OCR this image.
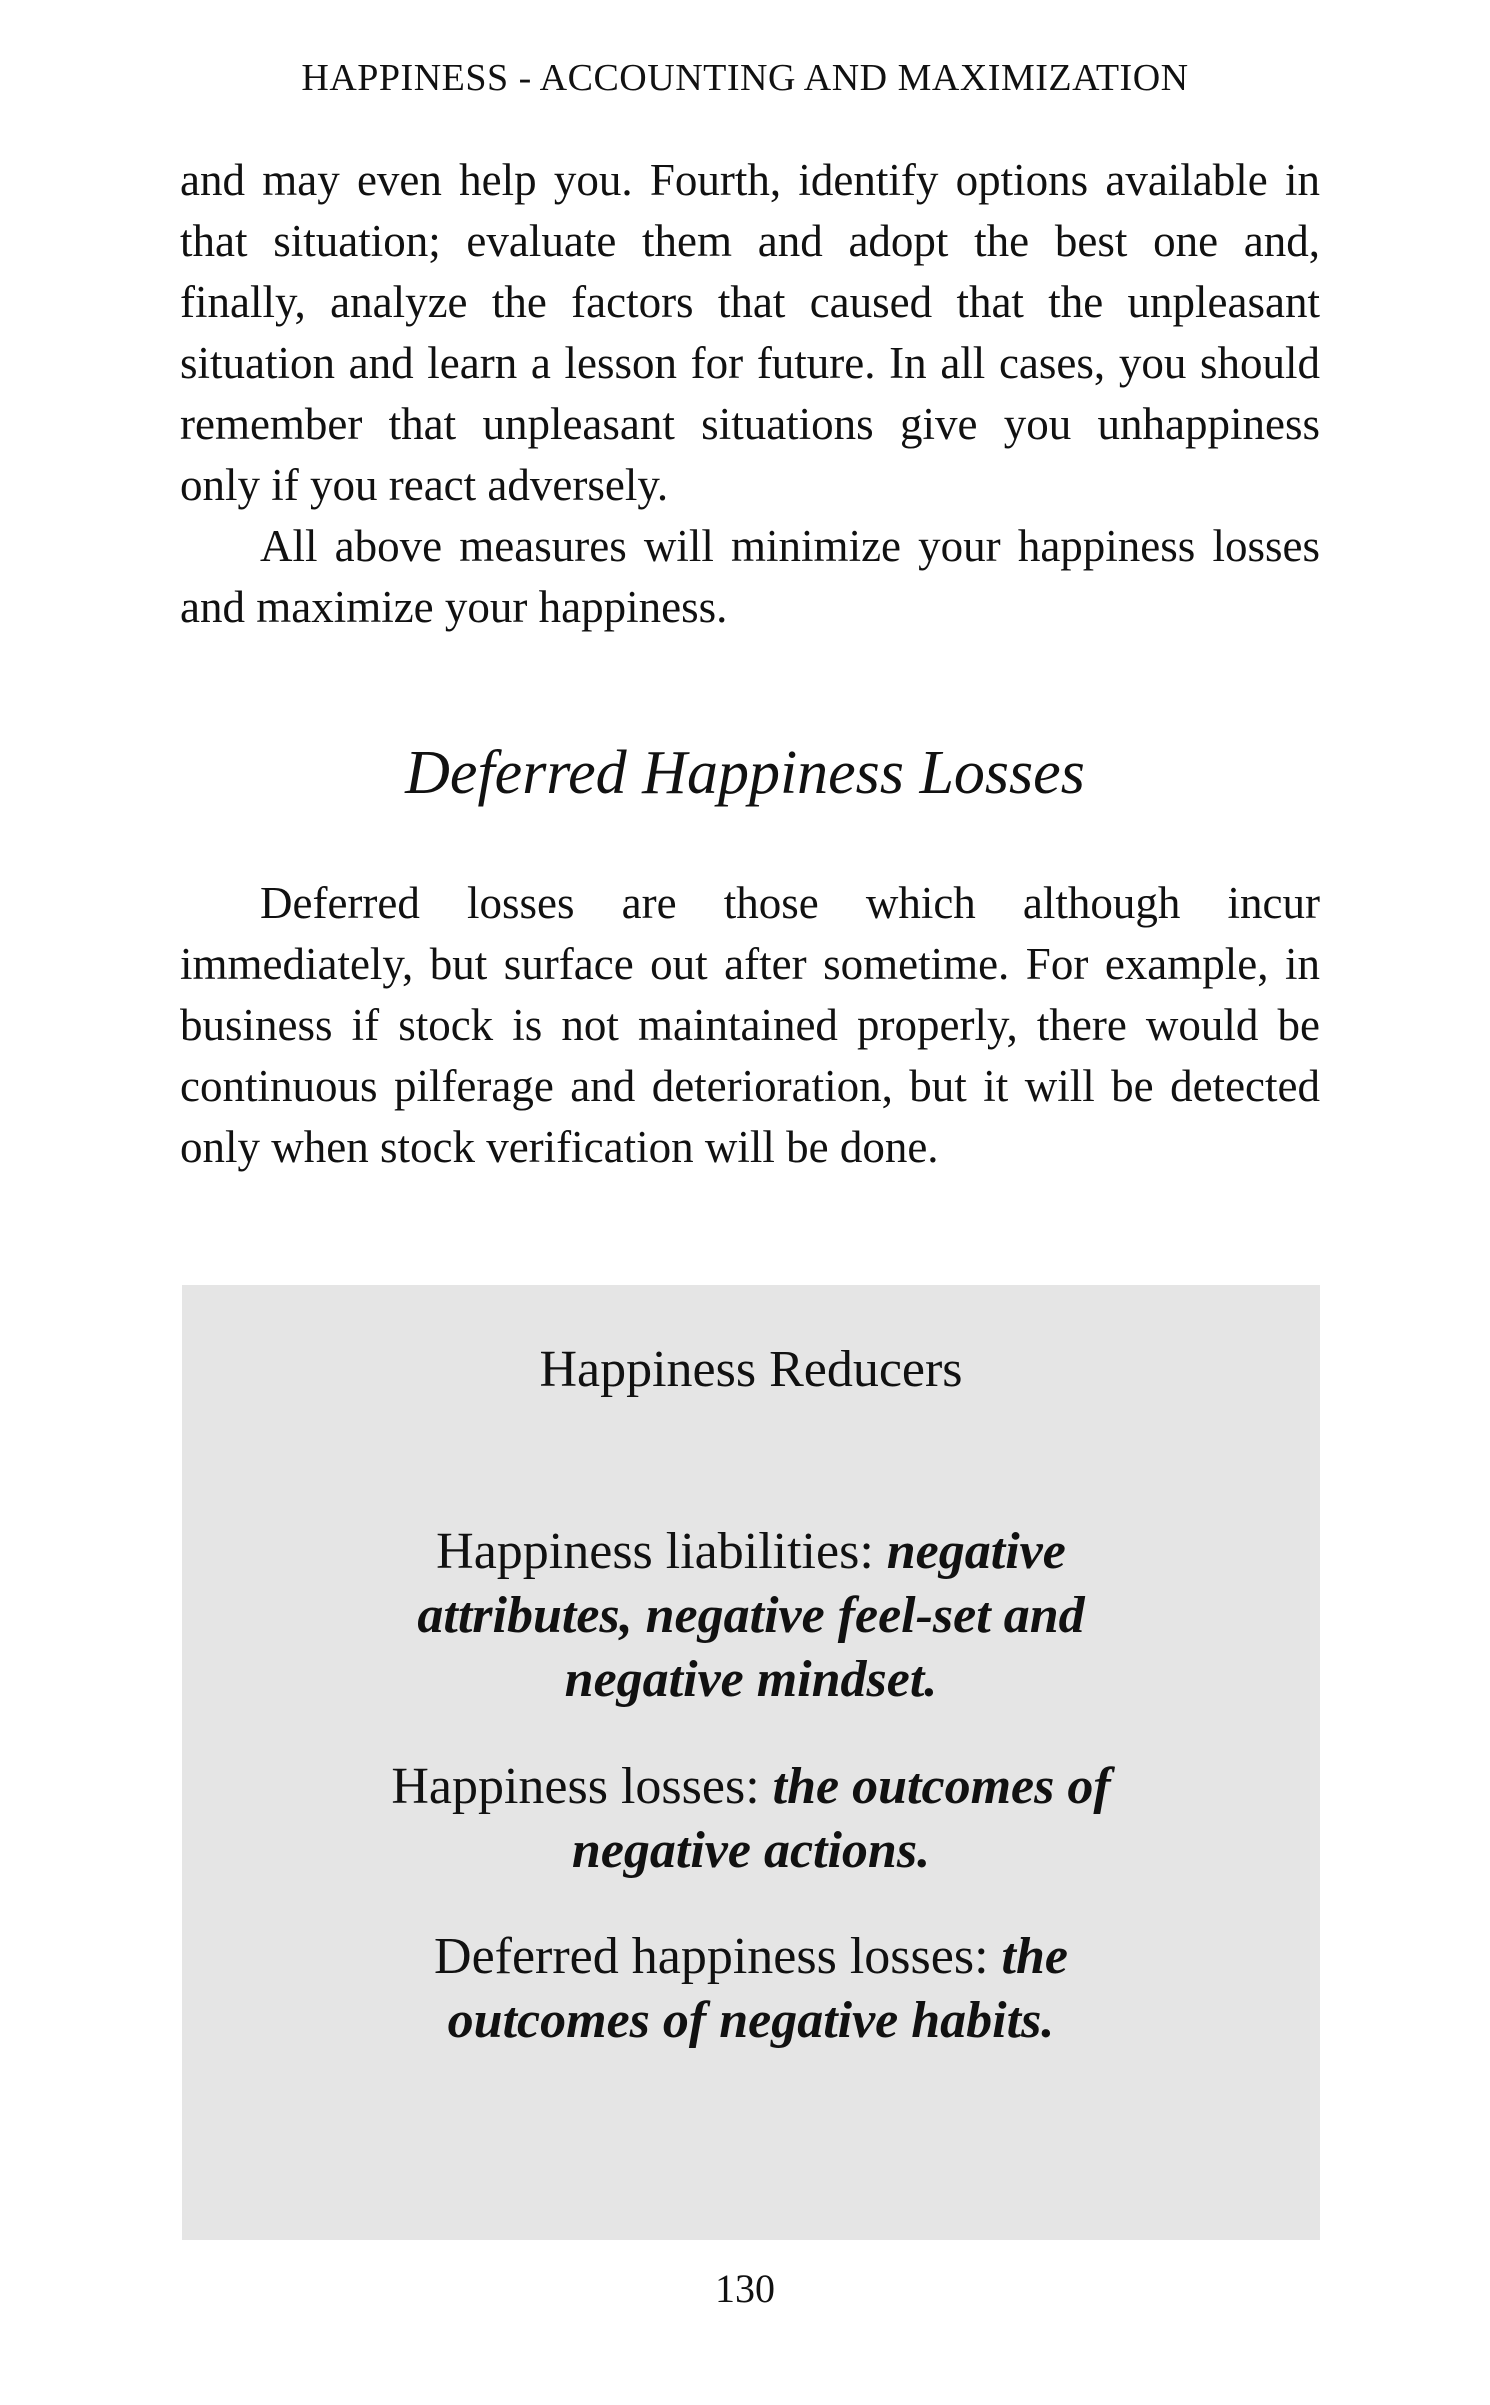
HAPPINESS - ACCOUNTING AND MAXIMIZATION

and may even help you. Fourth, identify options available in that situation; evaluate them and adopt the best one and, finally, analyze the factors that caused that the unpleasant situation and learn a lesson for future. In all cases, you should remember that unpleasant situations give you unhappiness only if you react adversely.

All above measures will minimize your happiness losses and maximize your happiness.

Deferred Happiness Losses

Deferred losses are those which although incur immediately, but surface out after sometime. For example, in business if stock is not maintained properly, there would be continuous pilferage and deterioration, but it will be detected only when stock verification will be done.

Happiness Reducers
Happiness liabilities: negative attributes, negative feel-set and negative mindset.
Happiness losses: the outcomes of negative actions.
Deferred happiness losses: the outcomes of negative habits.
130
